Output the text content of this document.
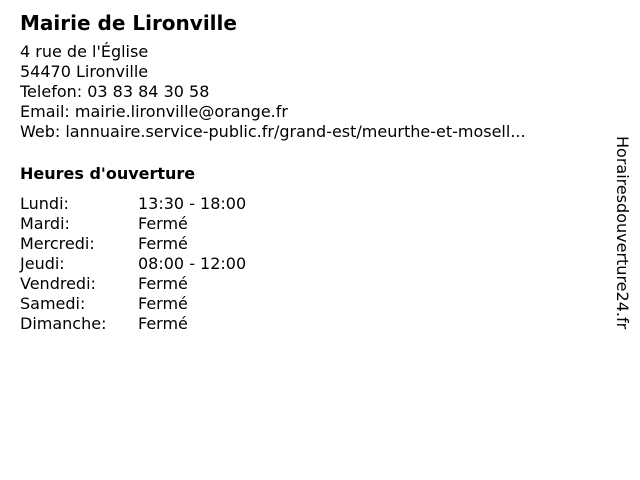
Mairie de Lironville
4 rue de l'Église
54470 Lironville
Telefon: 03 83 84 30 58
Email: mairie.lironville@orange.fr
Web: lannuaire.service-public.fr/grand-est/meurthe-et-mosell...
Heures d'ouverture
Lundi:	13:30 - 18:00
Mardi:	Fermé
Mercredi:	Fermé
Jeudi:	08:00 - 12:00
Vendredi:	Fermé
Samedi:	Fermé
Dimanche:	Fermé	Horairesdouverture24.fr
